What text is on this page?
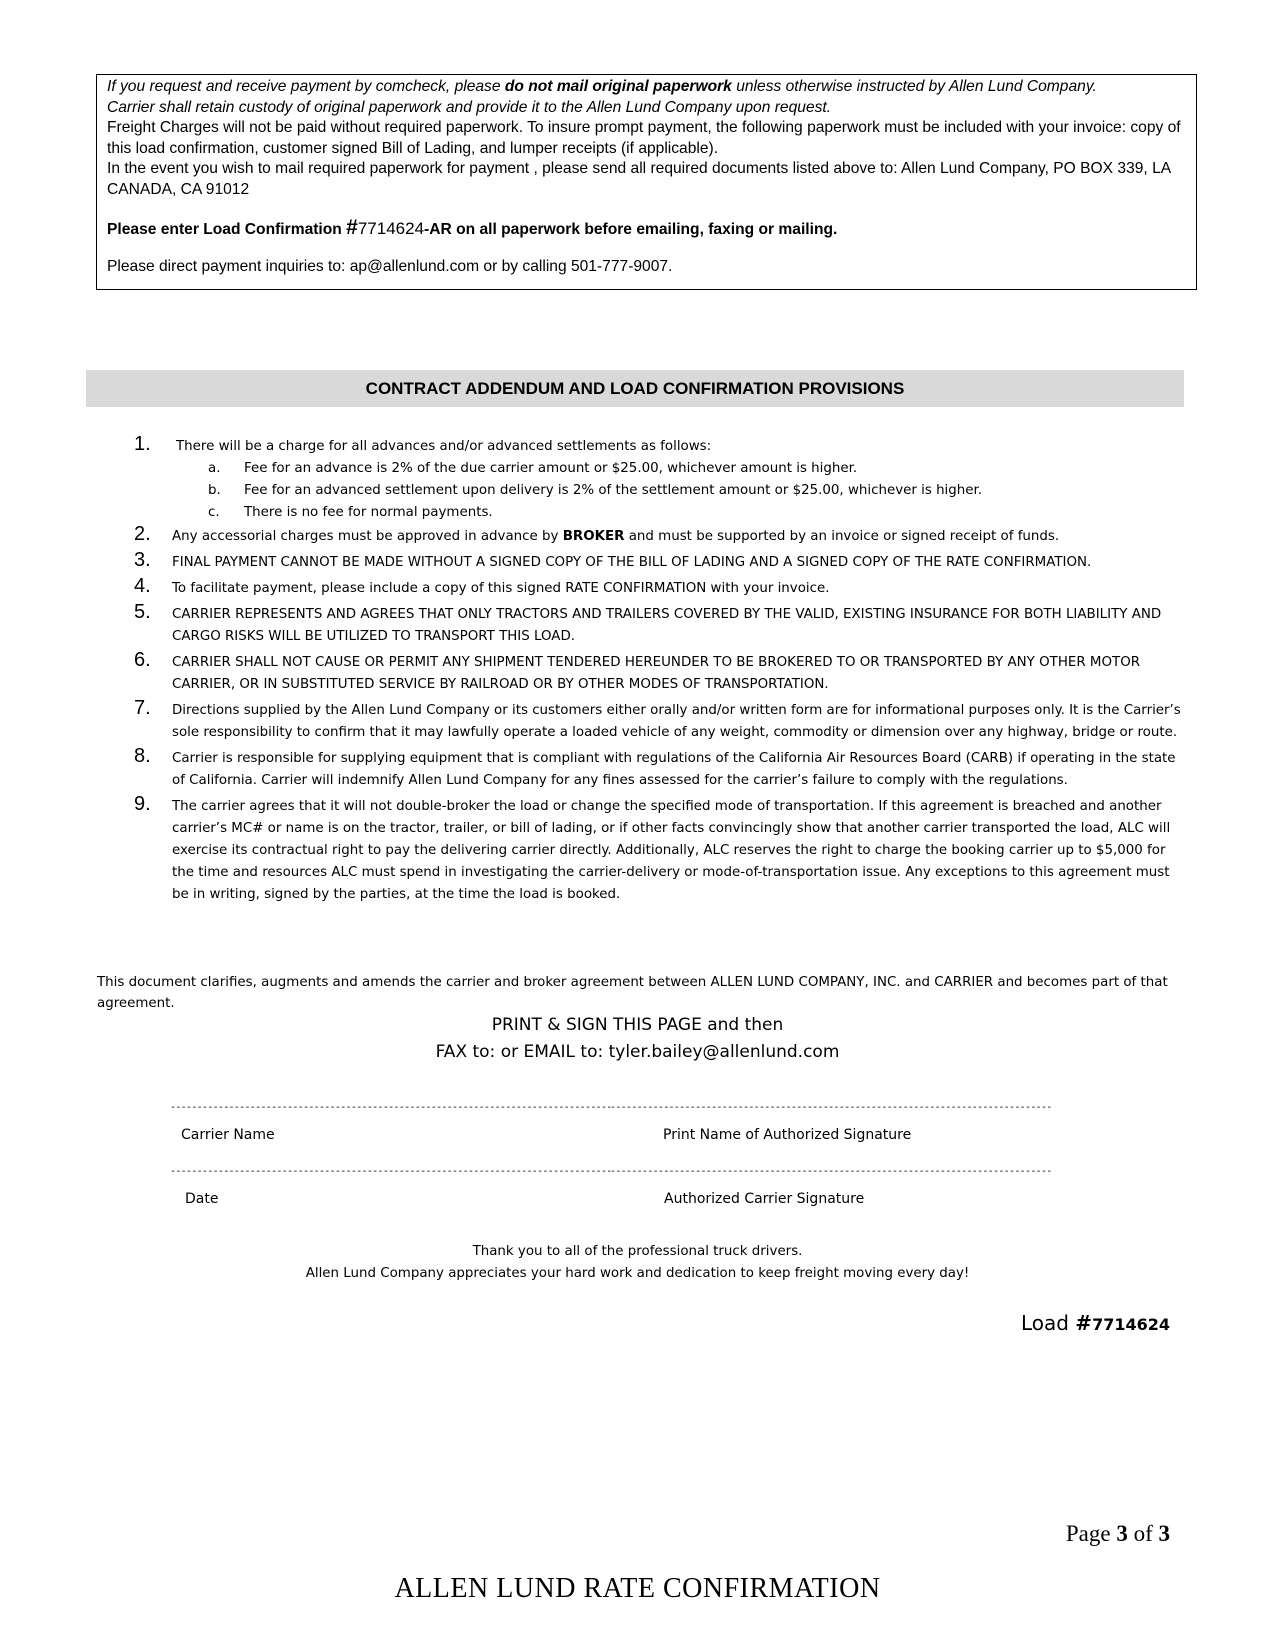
If you request and receive payment by comcheck, please do not mail original paperwork unless otherwise instructed by Allen Lund Company.

Carrier shall retain custody of original paperwork and provide it to the Allen Lund Company upon request.

Freight Charges will not be paid without required paperwork. To insure prompt payment, the following paperwork must be included with your invoice: copy of this load confirmation, customer signed Bill of Lading, and lumper receipts (if applicable).

In the event you wish to mail required paperwork for payment , please send all required documents listed above to: Allen Lund Company, PO BOX 339, LA CANADA, CA 91012

Please enter Load Confirmation #7714624-AR on all paperwork before emailing, faxing or mailing.

Please direct payment inquiries to: ap@allenlund.com or by calling 501-777-9007.

CONTRACT ADDENDUM AND LOAD CONFIRMATION PROVISIONS
1. There will be a charge for all advances and/or advanced settlements as follows:
a. Fee for an advance is 2% of the due carrier amount or $25.00, whichever amount is higher.
b. Fee for an advanced settlement upon delivery is 2% of the settlement amount or $25.00, whichever is higher.
c. There is no fee for normal payments.
2. Any accessorial charges must be approved in advance by BROKER and must be supported by an invoice or signed receipt of funds.
3. FINAL PAYMENT CANNOT BE MADE WITHOUT A SIGNED COPY OF THE BILL OF LADING AND A SIGNED COPY OF THE RATE CONFIRMATION.
4. To facilitate payment, please include a copy of this signed RATE CONFIRMATION with your invoice.
5. CARRIER REPRESENTS AND AGREES THAT ONLY TRACTORS AND TRAILERS COVERED BY THE VALID, EXISTING INSURANCE FOR BOTH LIABILITY AND CARGO RISKS WILL BE UTILIZED TO TRANSPORT THIS LOAD.
6. CARRIER SHALL NOT CAUSE OR PERMIT ANY SHIPMENT TENDERED HEREUNDER TO BE BROKERED TO OR TRANSPORTED BY ANY OTHER MOTOR CARRIER, OR IN SUBSTITUTED SERVICE BY RAILROAD OR BY OTHER MODES OF TRANSPORTATION.
7. Directions supplied by the Allen Lund Company or its customers either orally and/or written form are for informational purposes only. It is the Carrier’s sole responsibility to confirm that it may lawfully operate a loaded vehicle of any weight, commodity or dimension over any highway, bridge or route.
8. Carrier is responsible for supplying equipment that is compliant with regulations of the California Air Resources Board (CARB) if operating in the state of California. Carrier will indemnify Allen Lund Company for any fines assessed for the carrier’s failure to comply with the regulations.
9. The carrier agrees that it will not double-broker the load or change the specified mode of transportation. If this agreement is breached and another carrier’s MC# or name is on the tractor, trailer, or bill of lading, or if other facts convincingly show that another carrier transported the load, ALC will exercise its contractual right to pay the delivering carrier directly. Additionally, ALC reserves the right to charge the booking carrier up to $5,000 for the time and resources ALC must spend in investigating the carrier-delivery or mode-of-transportation issue. Any exceptions to this agreement must be in writing, signed by the parties, at the time the load is booked.
This document clarifies, augments and amends the carrier and broker agreement between ALLEN LUND COMPANY, INC. and CARRIER and becomes part of that agreement.
PRINT & SIGN THIS PAGE and then
FAX to: or EMAIL to: tyler.bailey@allenlund.com
-----------------------------------------------------------------------------------
-----------------------------------------------------------------------------------
Carrier Name	Print Name of Authorized Signature
-----------------------------------------------------------------------------------
-----------------------------------------------------------------------------------
Date	Authorized Carrier Signature
Thank you to all of the professional truck drivers.
Allen Lund Company appreciates your hard work and dedication to keep freight moving every day!
Load #7714624
Page 3 of 3
ALLEN LUND RATE CONFIRMATION
